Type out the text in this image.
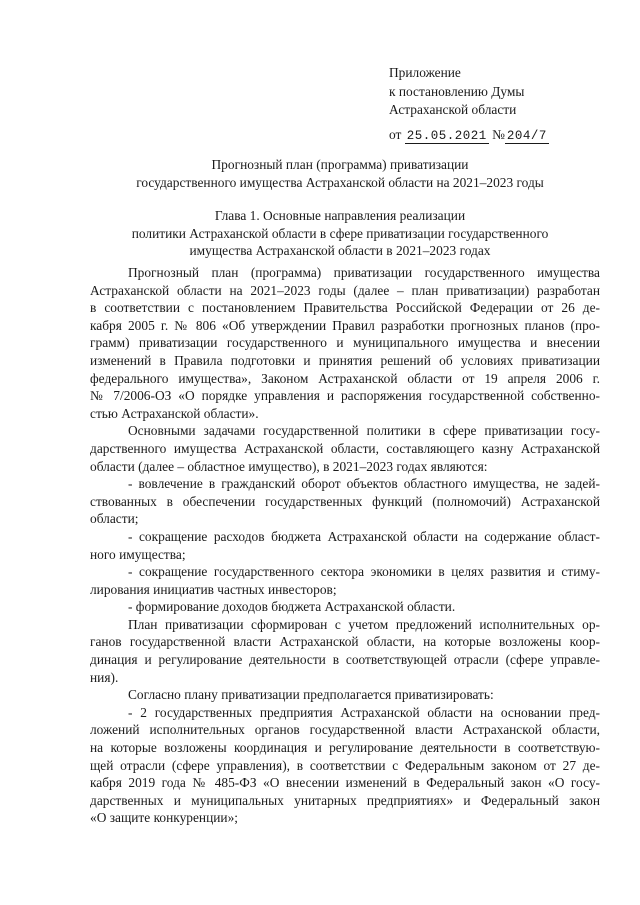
Приложение
к постановлению Думы
Астраханской области
от 25.05.2021 № 204/7
Прогнозный план (программа) приватизации
государственного имущества Астраханской области на 2021–2023 годы
Глава 1. Основные направления реализации
политики Астраханской области в сфере приватизации государственного
имущества Астраханской области в 2021–2023 годах
Прогнозный план (программа) приватизации государственного имущества
Астраханской области на 2021–2023 годы (далее – план приватизации) разработан
в соответствии с постановлением Правительства Российской Федерации от 26 де-
кабря 2005 г. № 806 «Об утверждении Правил разработки прогнозных планов (про-
грамм) приватизации государственного и муниципального имущества и внесении
изменений в Правила подготовки и принятия решений об условиях приватизации
федерального имущества», Законом Астраханской области от 19 апреля 2006 г.
№ 7/2006-ОЗ «О порядке управления и распоряжения государственной собственно-
стью Астраханской области».
Основными задачами государственной политики в сфере приватизации госу-
дарственного имущества Астраханской области, составляющего казну Астраханской
области (далее – областное имущество), в 2021–2023 годах являются:
- вовлечение в гражданский оборот объектов областного имущества, не задей-
ствованных в обеспечении государственных функций (полномочий) Астраханской
области;
- сокращение расходов бюджета Астраханской области на содержание област-
ного имущества;
- сокращение государственного сектора экономики в целях развития и стиму-
лирования инициатив частных инвесторов;
- формирование доходов бюджета Астраханской области.
План приватизации сформирован с учетом предложений исполнительных ор-
ганов государственной власти Астраханской области, на которые возложены коор-
динация и регулирование деятельности в соответствующей отрасли (сфере управле-
ния).
Согласно плану приватизации предполагается приватизировать:
- 2 государственных предприятия Астраханской области на основании пред-
ложений исполнительных органов государственной власти Астраханской области,
на которые возложены координация и регулирование деятельности в соответствую-
щей отрасли (сфере управления), в соответствии с Федеральным законом от 27 де-
кабря 2019 года № 485-ФЗ «О внесении изменений в Федеральный закон «О госу-
дарственных и муниципальных унитарных предприятиях» и Федеральный закон
«О защите конкуренции»;
